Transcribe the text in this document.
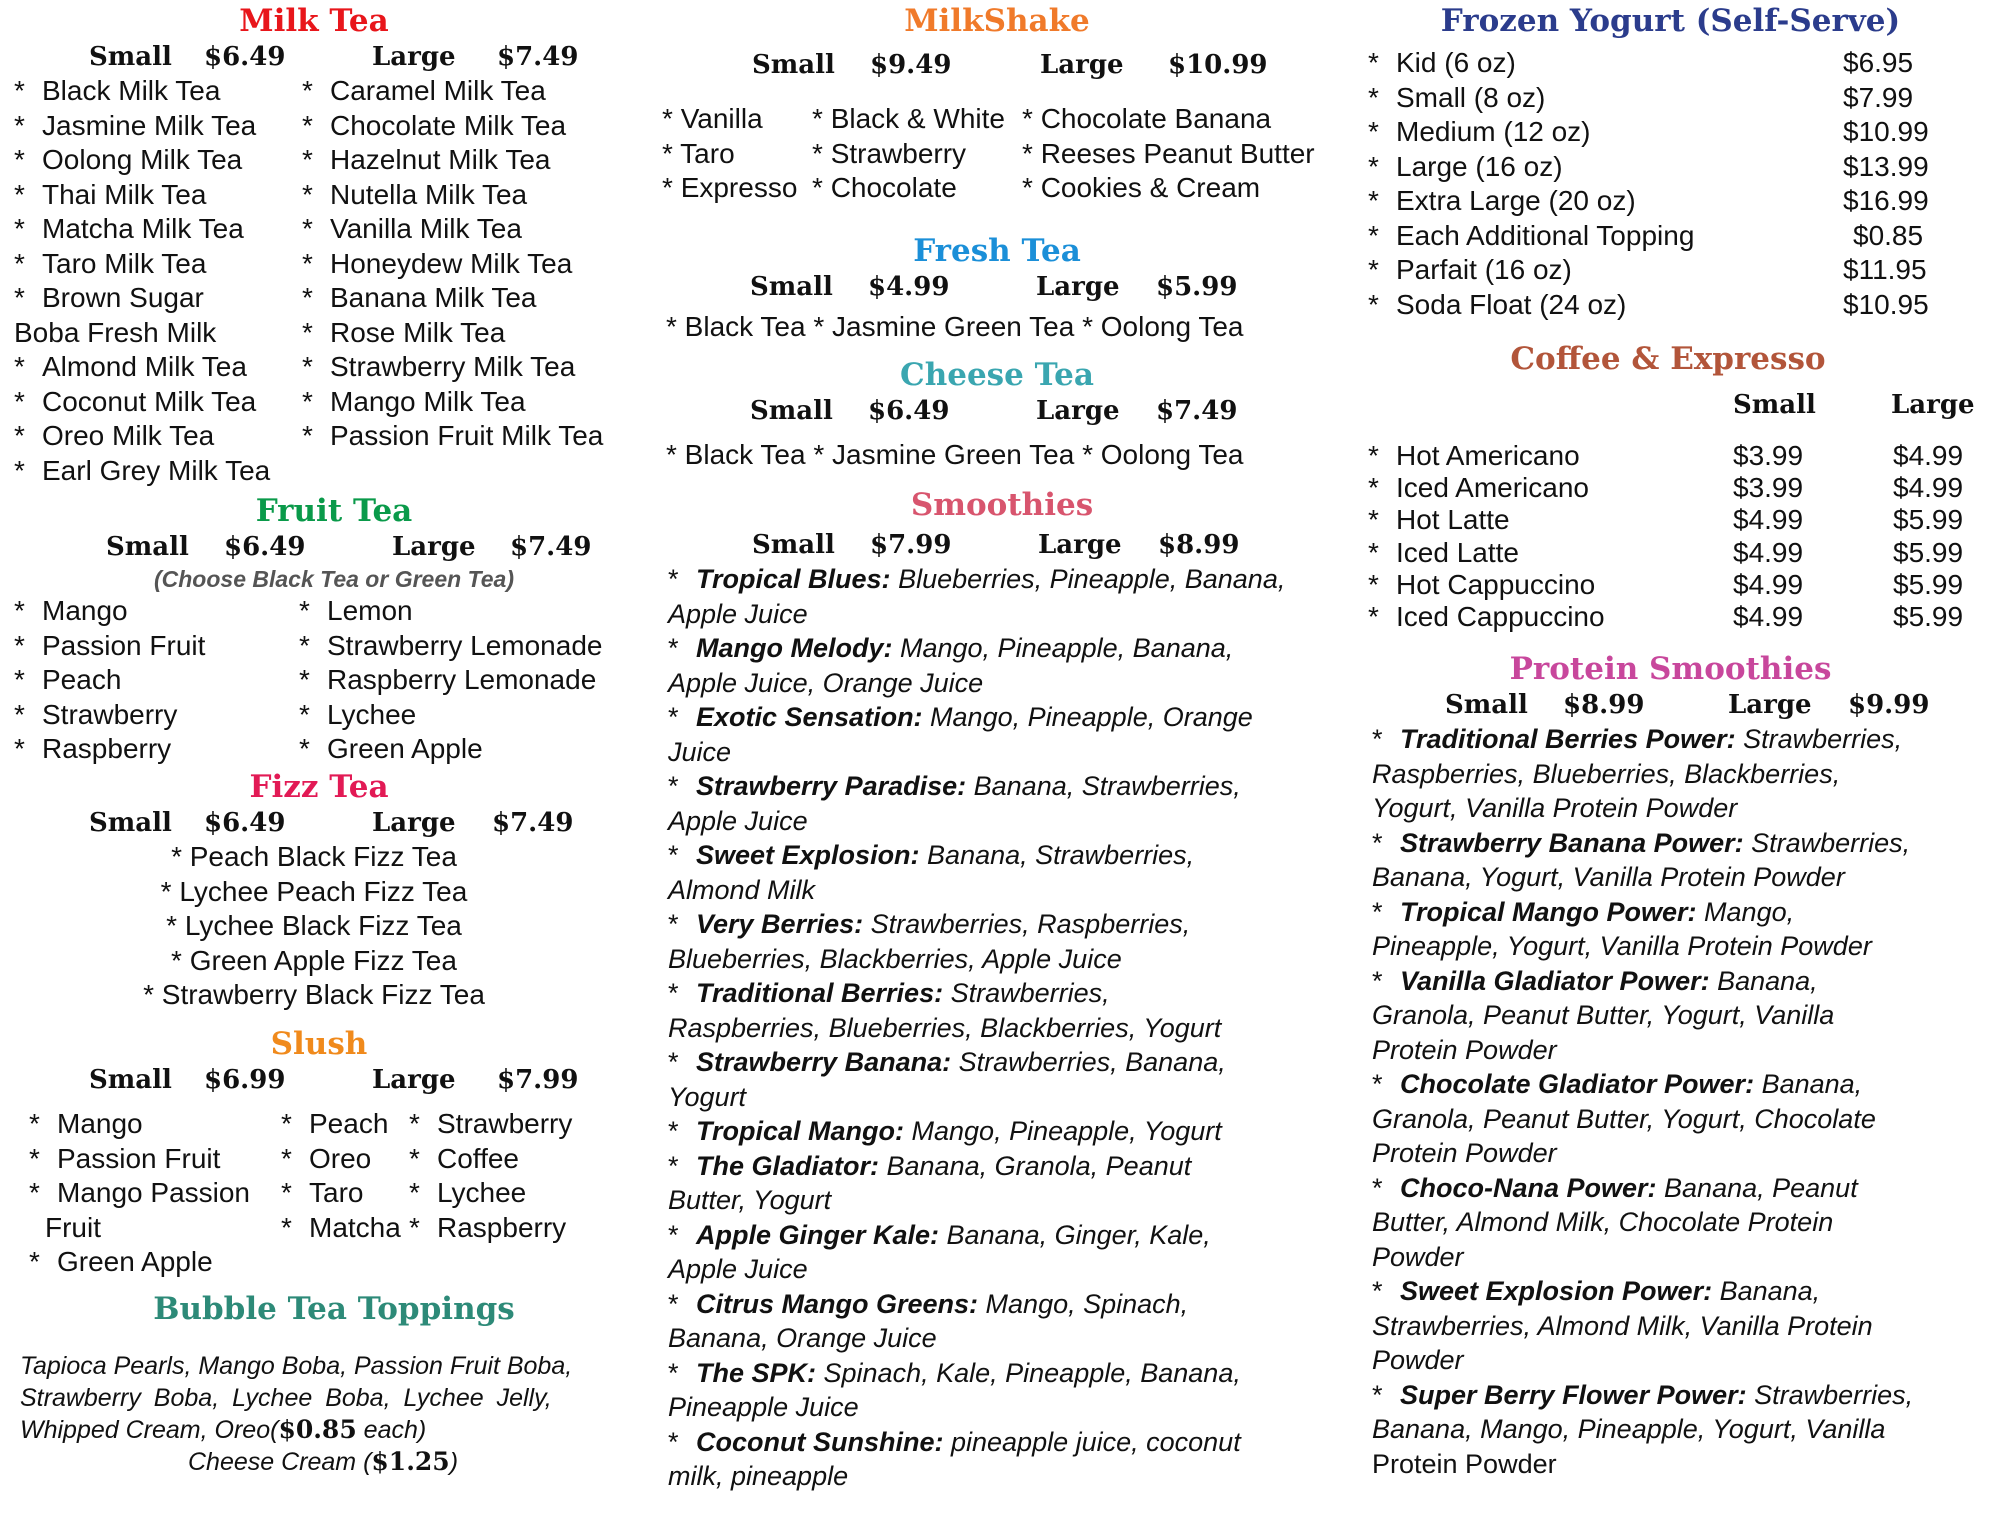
Milk Tea
Small	$6.49	Large	$7.49
* Black Milk Tea
* Jasmine Milk Tea
* Oolong Milk Tea
* Thai Milk Tea
* Matcha Milk Tea
* Taro Milk Tea
* Brown Sugar
Boba Fresh Milk
* Almond Milk Tea
* Coconut Milk Tea
* Oreo Milk Tea
* Earl Grey Milk Tea
* Caramel Milk Tea
* Chocolate Milk Tea
* Hazelnut Milk Tea
* Nutella Milk Tea
* Vanilla Milk Tea
* Honeydew Milk Tea
* Banana Milk Tea
* Rose Milk Tea
* Strawberry Milk Tea
* Mango Milk Tea
* Passion Fruit Milk Tea
Fruit Tea
Small	$6.49	Large	$7.49
(Choose Black Tea or Green Tea)
* Mango
* Passion Fruit
* Peach
* Strawberry
* Raspberry
* Lemon
* Strawberry Lemonade
* Raspberry Lemonade
* Lychee
* Green Apple
Fizz Tea
Small	$6.49	Large	$7.49
* Peach Black Fizz Tea
* Lychee Peach Fizz Tea
* Lychee Black Fizz Tea
* Green Apple Fizz Tea
* Strawberry Black Fizz Tea
Slush
Small	$6.99	Large	$7.99
* Mango
* Passion Fruit
* Mango Passion
Fruit
* Green Apple
* Peach
* Oreo
* Taro
* Matcha
* Strawberry
* Coffee
* Lychee
* Raspberry
Bubble Tea Toppings
Tapioca Pearls, Mango Boba, Passion Fruit Boba,
Strawberry Boba, Lychee Boba, Lychee Jelly,
Whipped Cream, Oreo($0.85 each)
Cheese Cream ($1.25)
MilkShake
Small	$9.49	Large	$10.99
* Vanilla
* Taro
* Expresso
* Black & White
* Strawberry
* Chocolate
* Chocolate Banana
* Reeses Peanut Butter
* Cookies & Cream
Fresh Tea
Small	$4.99	Large	$5.99
* Black Tea * Jasmine Green Tea * Oolong Tea
Cheese Tea
Small	$6.49	Large	$7.49
* Black Tea * Jasmine Green Tea * Oolong Tea
Smoothies
Small	$7.99	Large	$8.99
* Tropical Blues: Blueberries, Pineapple, Banana,
Apple Juice
* Mango Melody: Mango, Pineapple, Banana,
Apple Juice, Orange Juice
* Exotic Sensation: Mango, Pineapple, Orange
Juice
* Strawberry Paradise: Banana, Strawberries,
Apple Juice
* Sweet Explosion: Banana, Strawberries,
Almond Milk
* Very Berries: Strawberries, Raspberries,
Blueberries, Blackberries, Apple Juice
* Traditional Berries: Strawberries,
Raspberries, Blueberries, Blackberries, Yogurt
* Strawberry Banana: Strawberries, Banana,
Yogurt
* Tropical Mango: Mango, Pineapple, Yogurt
* The Gladiator: Banana, Granola, Peanut
Butter, Yogurt
* Apple Ginger Kale: Banana, Ginger, Kale,
Apple Juice
* Citrus Mango Greens: Mango, Spinach,
Banana, Orange Juice
* The SPK: Spinach, Kale, Pineapple, Banana,
Pineapple Juice
* Coconut Sunshine: pineapple juice, coconut
milk, pineapple
Frozen Yogurt (Self-Serve)
* Kid (6 oz)	$6.95
* Small (8 oz)	$7.99
* Medium (12 oz)	$10.99
* Large (16 oz)	$13.99
* Extra Large (20 oz)	$16.99
* Each Additional Topping	$0.85
* Parfait (16 oz)	$11.95
* Soda Float (24 oz)	$10.95
Coffee & Expresso
Small	Large
* Hot Americano	$3.99	$4.99
* Iced Americano	$3.99	$4.99
* Hot Latte	$4.99	$5.99
* Iced Latte	$4.99	$5.99
* Hot Cappuccino	$4.99	$5.99
* Iced Cappuccino	$4.99	$5.99
Protein Smoothies
Small	$8.99	Large	$9.99
* Traditional Berries Power: Strawberries,
Raspberries, Blueberries, Blackberries,
Yogurt, Vanilla Protein Powder
* Strawberry Banana Power: Strawberries,
Banana, Yogurt, Vanilla Protein Powder
* Tropical Mango Power: Mango,
Pineapple, Yogurt, Vanilla Protein Powder
* Vanilla Gladiator Power: Banana,
Granola, Peanut Butter, Yogurt, Vanilla
Protein Powder
* Chocolate Gladiator Power: Banana,
Granola, Peanut Butter, Yogurt, Chocolate
Protein Powder
* Choco-Nana Power: Banana, Peanut
Butter, Almond Milk, Chocolate Protein
Powder
* Sweet Explosion Power: Banana,
Strawberries, Almond Milk, Vanilla Protein
Powder
* Super Berry Flower Power: Strawberries,
Banana, Mango, Pineapple, Yogurt, Vanilla
Protein Powder
